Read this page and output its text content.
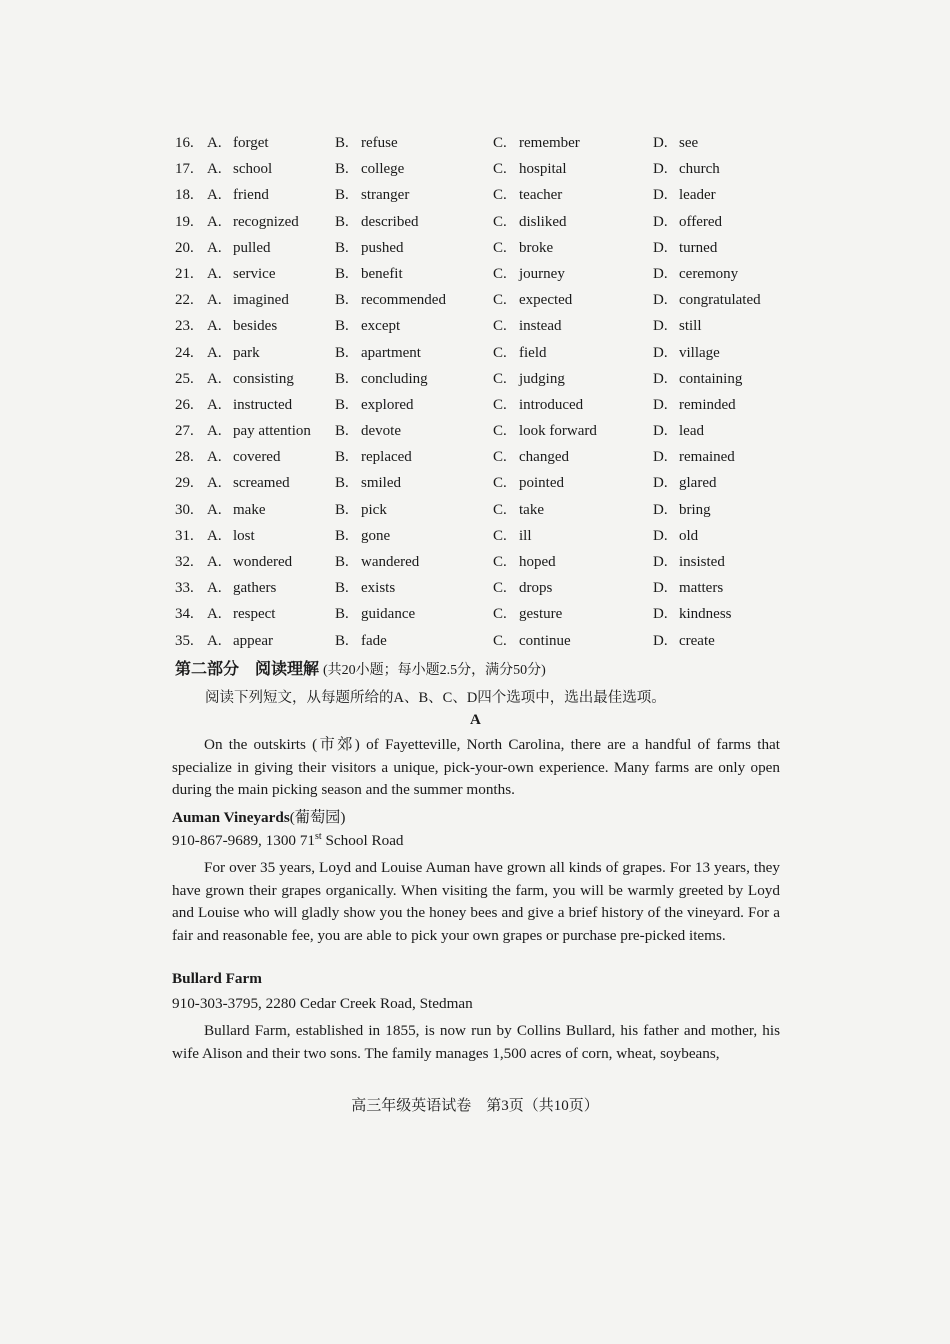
16. A. forget	B. refuse	C. remember	D. see
17. A. school	B. college	C. hospital	D. church
18. A. friend	B. stranger	C. teacher	D. leader
19. A. recognized B. described	C. disliked	D. offered
20. A. pulled	B. pushed	C. broke	D. turned
21. A. service	B. benefit	C. journey	D. ceremony
22. A. imagined	B. recommended	C. expected	D. congratulated
23. A. besides	B. except	C. instead	D. still
24. A. park	B. apartment	C. field	D. village
25. A. consisting	B. concluding	C. judging	D. containing
26. A. instructed	B. explored	C. introduced	D. reminded
27. A. pay attention B. devote	C. look forward	D. lead
28. A. covered	B. replaced	C. changed	D. remained
29. A. screamed	B. smiled	C. pointed	D. glared
30. A. make	B. pick	C. take	D. bring
31. A. lost	B. gone	C. ill	D. old
32. A. wondered	B. wandered	C. hoped	D. insisted
33. A. gathers	B. exists	C. drops	D. matters
34. A. respect	B. guidance	C. gesture	D. kindness
35. A. appear	B. fade	C. continue	D. create
第二部分　阅读理解 (共20小题；每小题2.5分，满分50分)
阅读下列短文，从每题所给的A、B、C、D四个选项中，选出最佳选项。
A
On the outskirts (市郊) of Fayetteville, North Carolina, there are a handful of farms that specialize in giving their visitors a unique, pick-your-own experience. Many farms are only open during the main picking season and the summer months.
Auman Vineyards(葡萄园)
910-867-9689, 1300 71st School Road
For over 35 years, Loyd and Louise Auman have grown all kinds of grapes. For 13 years, they have grown their grapes organically. When visiting the farm, you will be warmly greeted by Loyd and Louise who will gladly show you the honey bees and give a brief history of the vineyard. For a fair and reasonable fee, you are able to pick your own grapes or purchase pre-picked items.
Bullard Farm
910-303-3795, 2280 Cedar Creek Road, Stedman
Bullard Farm, established in 1855, is now run by Collins Bullard, his father and mother, his wife Alison and their two sons. The family manages 1,500 acres of corn, wheat, soybeans,
高三年级英语试卷　第3页（共10页）
